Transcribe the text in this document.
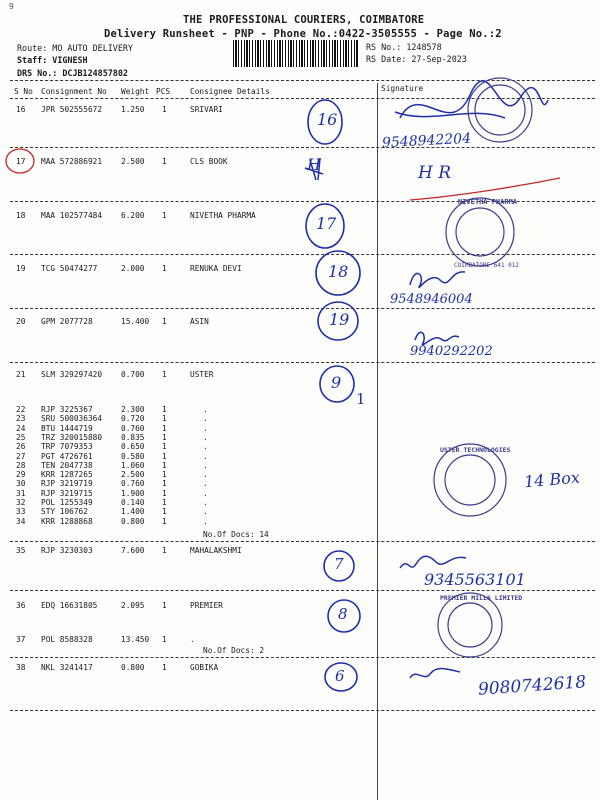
9
THE PROFESSIONAL COURIERS, COIMBATORE
Delivery Runsheet - PNP - Phone No.:0422-3505555 - Page No.:2
Route: MO AUTO DELIVERY
Staff: VIGNESH
DRS No.: DCJB124857802
RS No.: 1248578
RS Date: 27-Sep-2023
S No Consignment No Weight PCS	Consignee Details	Signature
16 JPR 502555672 1.250 1	SRIVARI
17 MAA 572886921 2.500 1	CLS BOOK
18 MAA 102577484 6.200 1	NIVETHA PHARMA
19 TCG 50474277	2.000 1	RENUKA DEVI
20 GPM 2077728	15.400 1	ASIN
21 SLM 329297420 0.700 1	USTER
22 RJP 3225367	2.300 1	.
23 SRU 500036364 0.720 1	.
24 BTU 1444719	0.760 1	.
25 TRZ 320015880 0.835 1	.
26 TRP 7079353	0.650 1	.
27 PGT 4726761	0.580 1	.
28 TEN 2047738	1.060 1	.
29 KRR 1287265	2.500 1	.
30 RJP 3219719	0.760 1	.
31 RJP 3219715	1.900 1	.
32 POL 1255349	0.140 1	.
33 STY 106762	1.400 1	.
34 KRR 1288868	0.800 1	.
No.Of Docs: 14
35 RJP 3230303	7.600 1	MAHALAKSHMI
36 EDQ 16631805	2.095 1	PREMIER
37 POL 8588328	13.450 1	.
No.Of Docs: 2
38 NKL 3241417	0.800 1	GOBIKA
16
H
17
18
19
9
1
7
8
6
9548942204
H R
9548946004
9940292202
14 Box
9345563101
9080742618
NIVETHA PHARMA
COIMBATORE 641 012
USTER TECHNOLOGIES
PREMIER MILLS LIMITED
